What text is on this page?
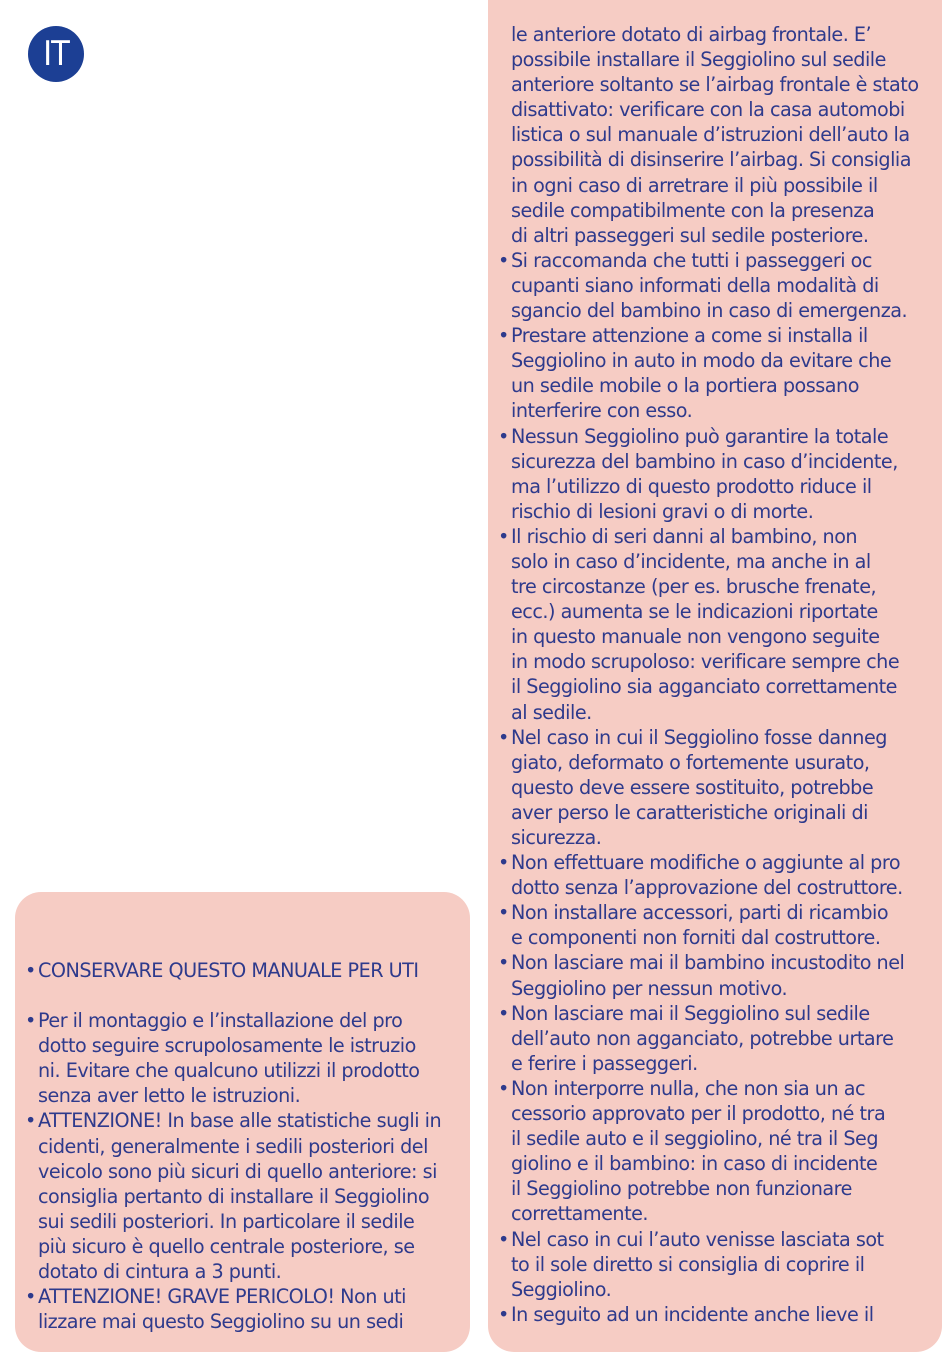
IT
• CONSERVARE QUESTO MANUALE PER UTI
• Per il montaggio e l’installazione del pro
dotto seguire scrupolosamente le istruzio
ni. Evitare che qualcuno utilizzi il prodotto
senza aver letto le istruzioni.
• ATTENZIONE! In base alle statistiche sugli in
cidenti, generalmente i sedili posteriori del
veicolo sono più sicuri di quello anteriore: si
consiglia pertanto di installare il Seggiolino
sui sedili posteriori. In particolare il sedile
più sicuro è quello centrale posteriore, se
dotato di cintura a 3 punti.
• ATTENZIONE! GRAVE PERICOLO! Non uti
lizzare mai questo Seggiolino su un sedi
le anteriore dotato di airbag frontale. E’
possibile installare il Seggiolino sul sedile
anteriore soltanto se l’airbag frontale è stato
disattivato: verificare con la casa automobi
listica o sul manuale d’istruzioni dell’auto la
possibilità di disinserire l’airbag. Si consiglia
in ogni caso di arretrare il più possibile il
sedile compatibilmente con la presenza
di altri passeggeri sul sedile posteriore.
• Si raccomanda che tutti i passeggeri oc
cupanti siano informati della modalità di
sgancio del bambino in caso di emergenza.
• Prestare attenzione a come si installa il
Seggiolino in auto in modo da evitare che
un sedile mobile o la portiera possano
interferire con esso.
• Nessun Seggiolino può garantire la totale
sicurezza del bambino in caso d’incidente,
ma l’utilizzo di questo prodotto riduce il
rischio di lesioni gravi o di morte.
• Il rischio di seri danni al bambino, non
solo in caso d’incidente, ma anche in al
tre circostanze (per es. brusche frenate,
ecc.) aumenta se le indicazioni riportate
in questo manuale non vengono seguite
in modo scrupoloso: verificare sempre che
il Seggiolino sia agganciato correttamente
al sedile.
• Nel caso in cui il Seggiolino fosse danneg
giato, deformato o fortemente usurato,
questo deve essere sostituito, potrebbe
aver perso le caratteristiche originali di
sicurezza.
• Non effettuare modifiche o aggiunte al pro
dotto senza l’approvazione del costruttore.
• Non installare accessori, parti di ricambio
e componenti non forniti dal costruttore.
• Non lasciare mai il bambino incustodito nel
Seggiolino per nessun motivo.
• Non lasciare mai il Seggiolino sul sedile
dell’auto non agganciato, potrebbe urtare
e ferire i passeggeri.
• Non interporre nulla, che non sia un ac
cessorio approvato per il prodotto, né tra
il sedile auto e il seggiolino, né tra il Seg
giolino e il bambino: in caso di incidente
il Seggiolino potrebbe non funzionare
correttamente.
• Nel caso in cui l’auto venisse lasciata sot
to il sole diretto si consiglia di coprire il
Seggiolino.
• In seguito ad un incidente anche lieve il
